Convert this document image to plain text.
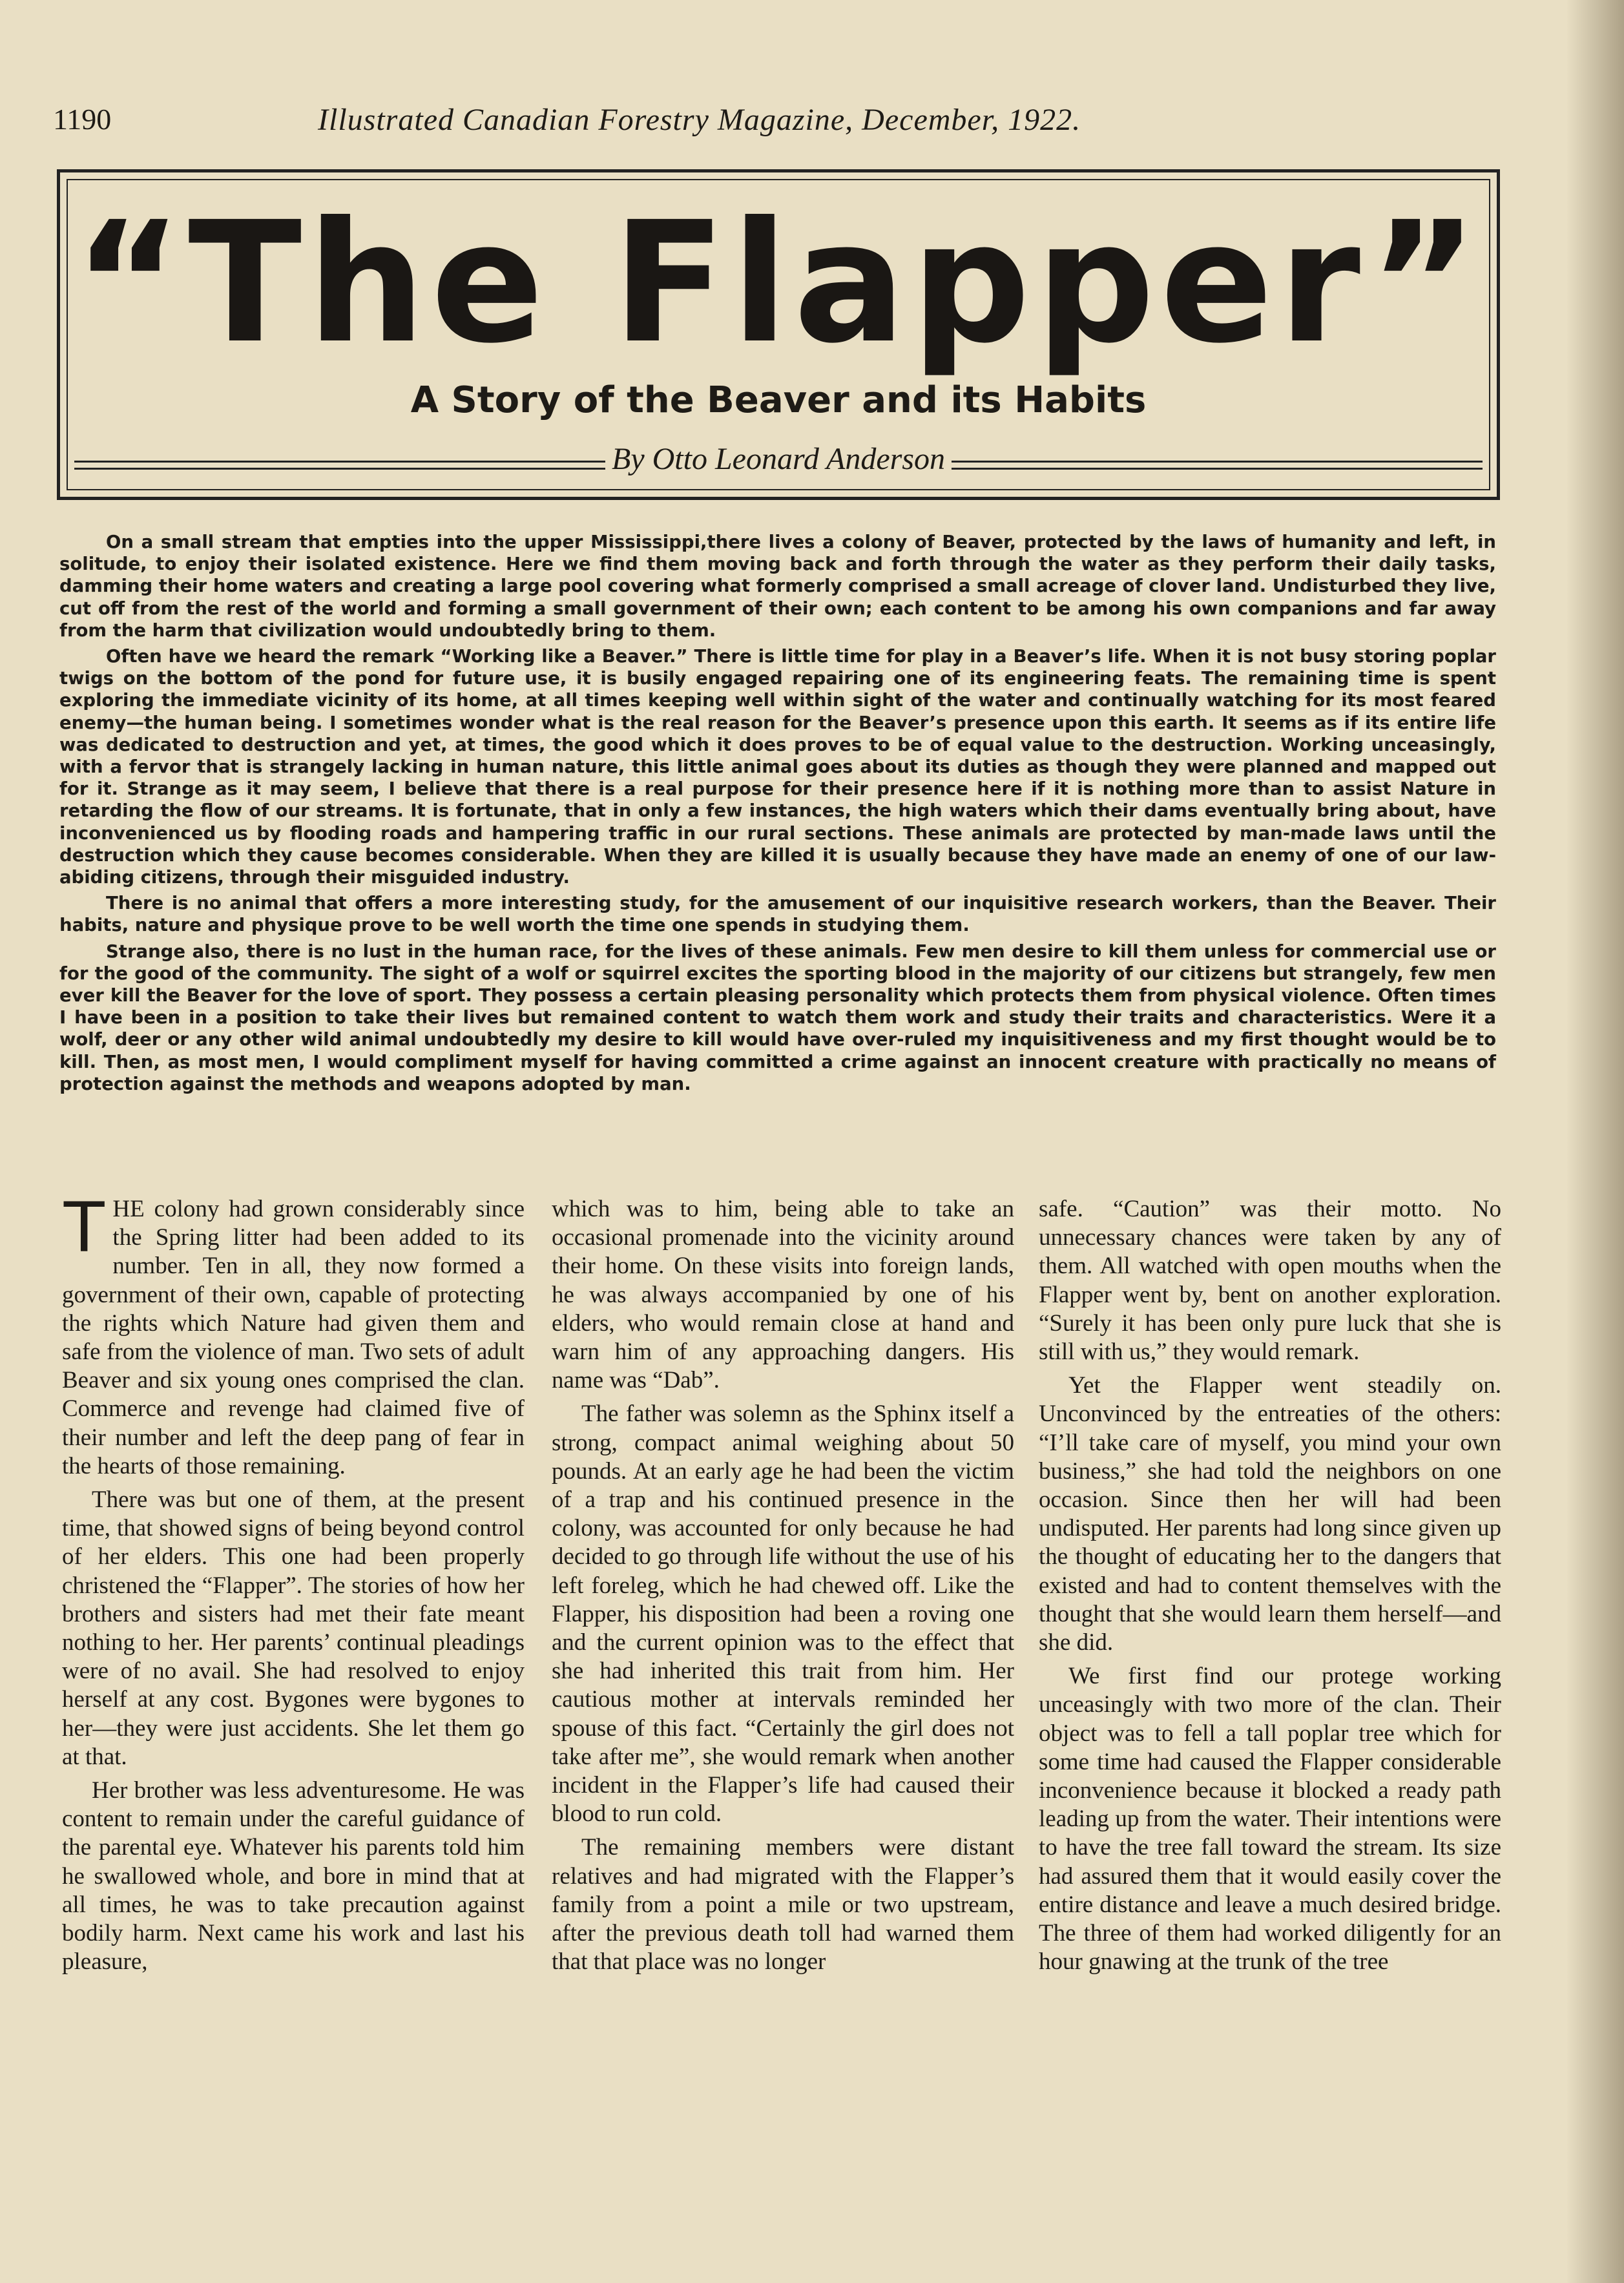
1190	Illustrated Canadian Forestry Magazine, December, 1922.
“The Flapper”
A Story of the Beaver and its Habits
By Otto Leonard Anderson

On a small stream that empties into the upper Mississippi,there lives a colony of Beaver, protected by the laws of humanity and left, in solitude, to enjoy their isolated existence. Here we find them moving back and forth through the water as they perform their daily tasks, damming their home waters and creating a large pool covering what formerly comprised a small acreage of clover land. Undisturbed they live, cut off from the rest of the world and forming a small government of their own; each content to be among his own companions and far away from the harm that civilization would undoubtedly bring to them.

Often have we heard the remark “Working like a Beaver.” There is little time for play in a Beaver’s life. When it is not busy storing poplar twigs on the bottom of the pond for future use, it is busily engaged repairing one of its engineering feats. The remaining time is spent exploring the immediate vicinity of its home, at all times keeping well within sight of the water and continually watching for its most feared enemy—the human being. I sometimes wonder what is the real reason for the Beaver’s presence upon this earth. It seems as if its entire life was dedicated to destruction and yet, at times, the good which it does proves to be of equal value to the destruction. Working unceasingly, with a fervor that is strangely lacking in human nature, this little animal goes about its duties as though they were planned and mapped out for it. Strange as it may seem, I believe that there is a real purpose for their presence here if it is nothing more than to assist Nature in retarding the flow of our streams. It is fortunate, that in only a few instances, the high waters which their dams eventually bring about, have inconvenienced us by flooding roads and hampering traffic in our rural sections. These animals are protected by man-made laws until the destruction which they cause becomes considerable. When they are killed it is usually because they have made an enemy of one of our law-abiding citizens, through their misguided industry.

There is no animal that offers a more interesting study, for the amusement of our inquisitive research workers, than the Beaver. Their habits, nature and physique prove to be well worth the time one spends in studying them.

Strange also, there is no lust in the human race, for the lives of these animals. Few men desire to kill them unless for commercial use or for the good of the community. The sight of a wolf or squirrel excites the sporting blood in the majority of our citizens but strangely, few men ever kill the Beaver for the love of sport. They possess a certain pleasing personality which protects them from physical violence. Often times I have been in a position to take their lives but remained content to watch them work and study their traits and characteristics. Were it a wolf, deer or any other wild animal undoubtedly my desire to kill would have over-ruled my inquisitiveness and my first thought would be to kill. Then, as most men, I would compliment myself for having committed a crime against an innocent creature with practically no means of protection against the methods and weapons adopted by man.

THE colony had grown considerably since the Spring litter had been added to its number. Ten in all, they now formed a government of their own, capable of protecting the rights which Nature had given them and safe from the violence of man. Two sets of adult Beaver and six young ones comprised the clan. Commerce and revenge had claimed five of their number and left the deep pang of fear in the hearts of those remaining.

There was but one of them, at the present time, that showed signs of being beyond control of her elders. This one had been properly christened the “Flapper”. The stories of how her brothers and sisters had met their fate meant nothing to her. Her parents’ continual pleadings were of no avail. She had resolved to enjoy herself at any cost. Bygones were bygones to her—they were just accidents. She let them go at that.

Her brother was less adventuresome. He was content to remain under the careful guidance of the parental eye. Whatever his parents told him he swallowed whole, and bore in mind that at all times, he was to take precaution against bodily harm. Next came his work and last his pleasure,

which was to him, being able to take an occasional promenade into the vicinity around their home. On these visits into foreign lands, he was always accompanied by one of his elders, who would remain close at hand and warn him of any approaching dangers. His name was “Dab”.

The father was solemn as the Sphinx itself a strong, compact animal weighing about 50 pounds. At an early age he had been the victim of a trap and his continued presence in the colony, was accounted for only because he had decided to go through life without the use of his left foreleg, which he had chewed off. Like the Flapper, his disposition had been a roving one and the current opinion was to the effect that she had inherited this trait from him. Her cautious mother at intervals reminded her spouse of this fact. “Certainly the girl does not take after me”, she would remark when another incident in the Flapper’s life had caused their blood to run cold.

The remaining members were distant relatives and had migrated with the Flapper’s family from a point a mile or two upstream, after the previous death toll had warned them that that place was no longer

safe. “Caution” was their motto. No unnecessary chances were taken by any of them. All watched with open mouths when the Flapper went by, bent on another exploration. “Surely it has been only pure luck that she is still with us,” they would remark.

Yet the Flapper went steadily on. Unconvinced by the entreaties of the others: “I’ll take care of myself, you mind your own business,” she had told the neighbors on one occasion. Since then her will had been undisputed. Her parents had long since given up the thought of educating her to the dangers that existed and had to content themselves with the thought that she would learn them herself—and she did.

We first find our protege working unceasingly with two more of the clan. Their object was to fell a tall poplar tree which for some time had caused the Flapper considerable inconvenience because it blocked a ready path leading up from the water. Their intentions were to have the tree fall toward the stream. Its size had assured them that it would easily cover the entire distance and leave a much desired bridge. The three of them had worked diligently for an hour gnawing at the trunk of the tree
